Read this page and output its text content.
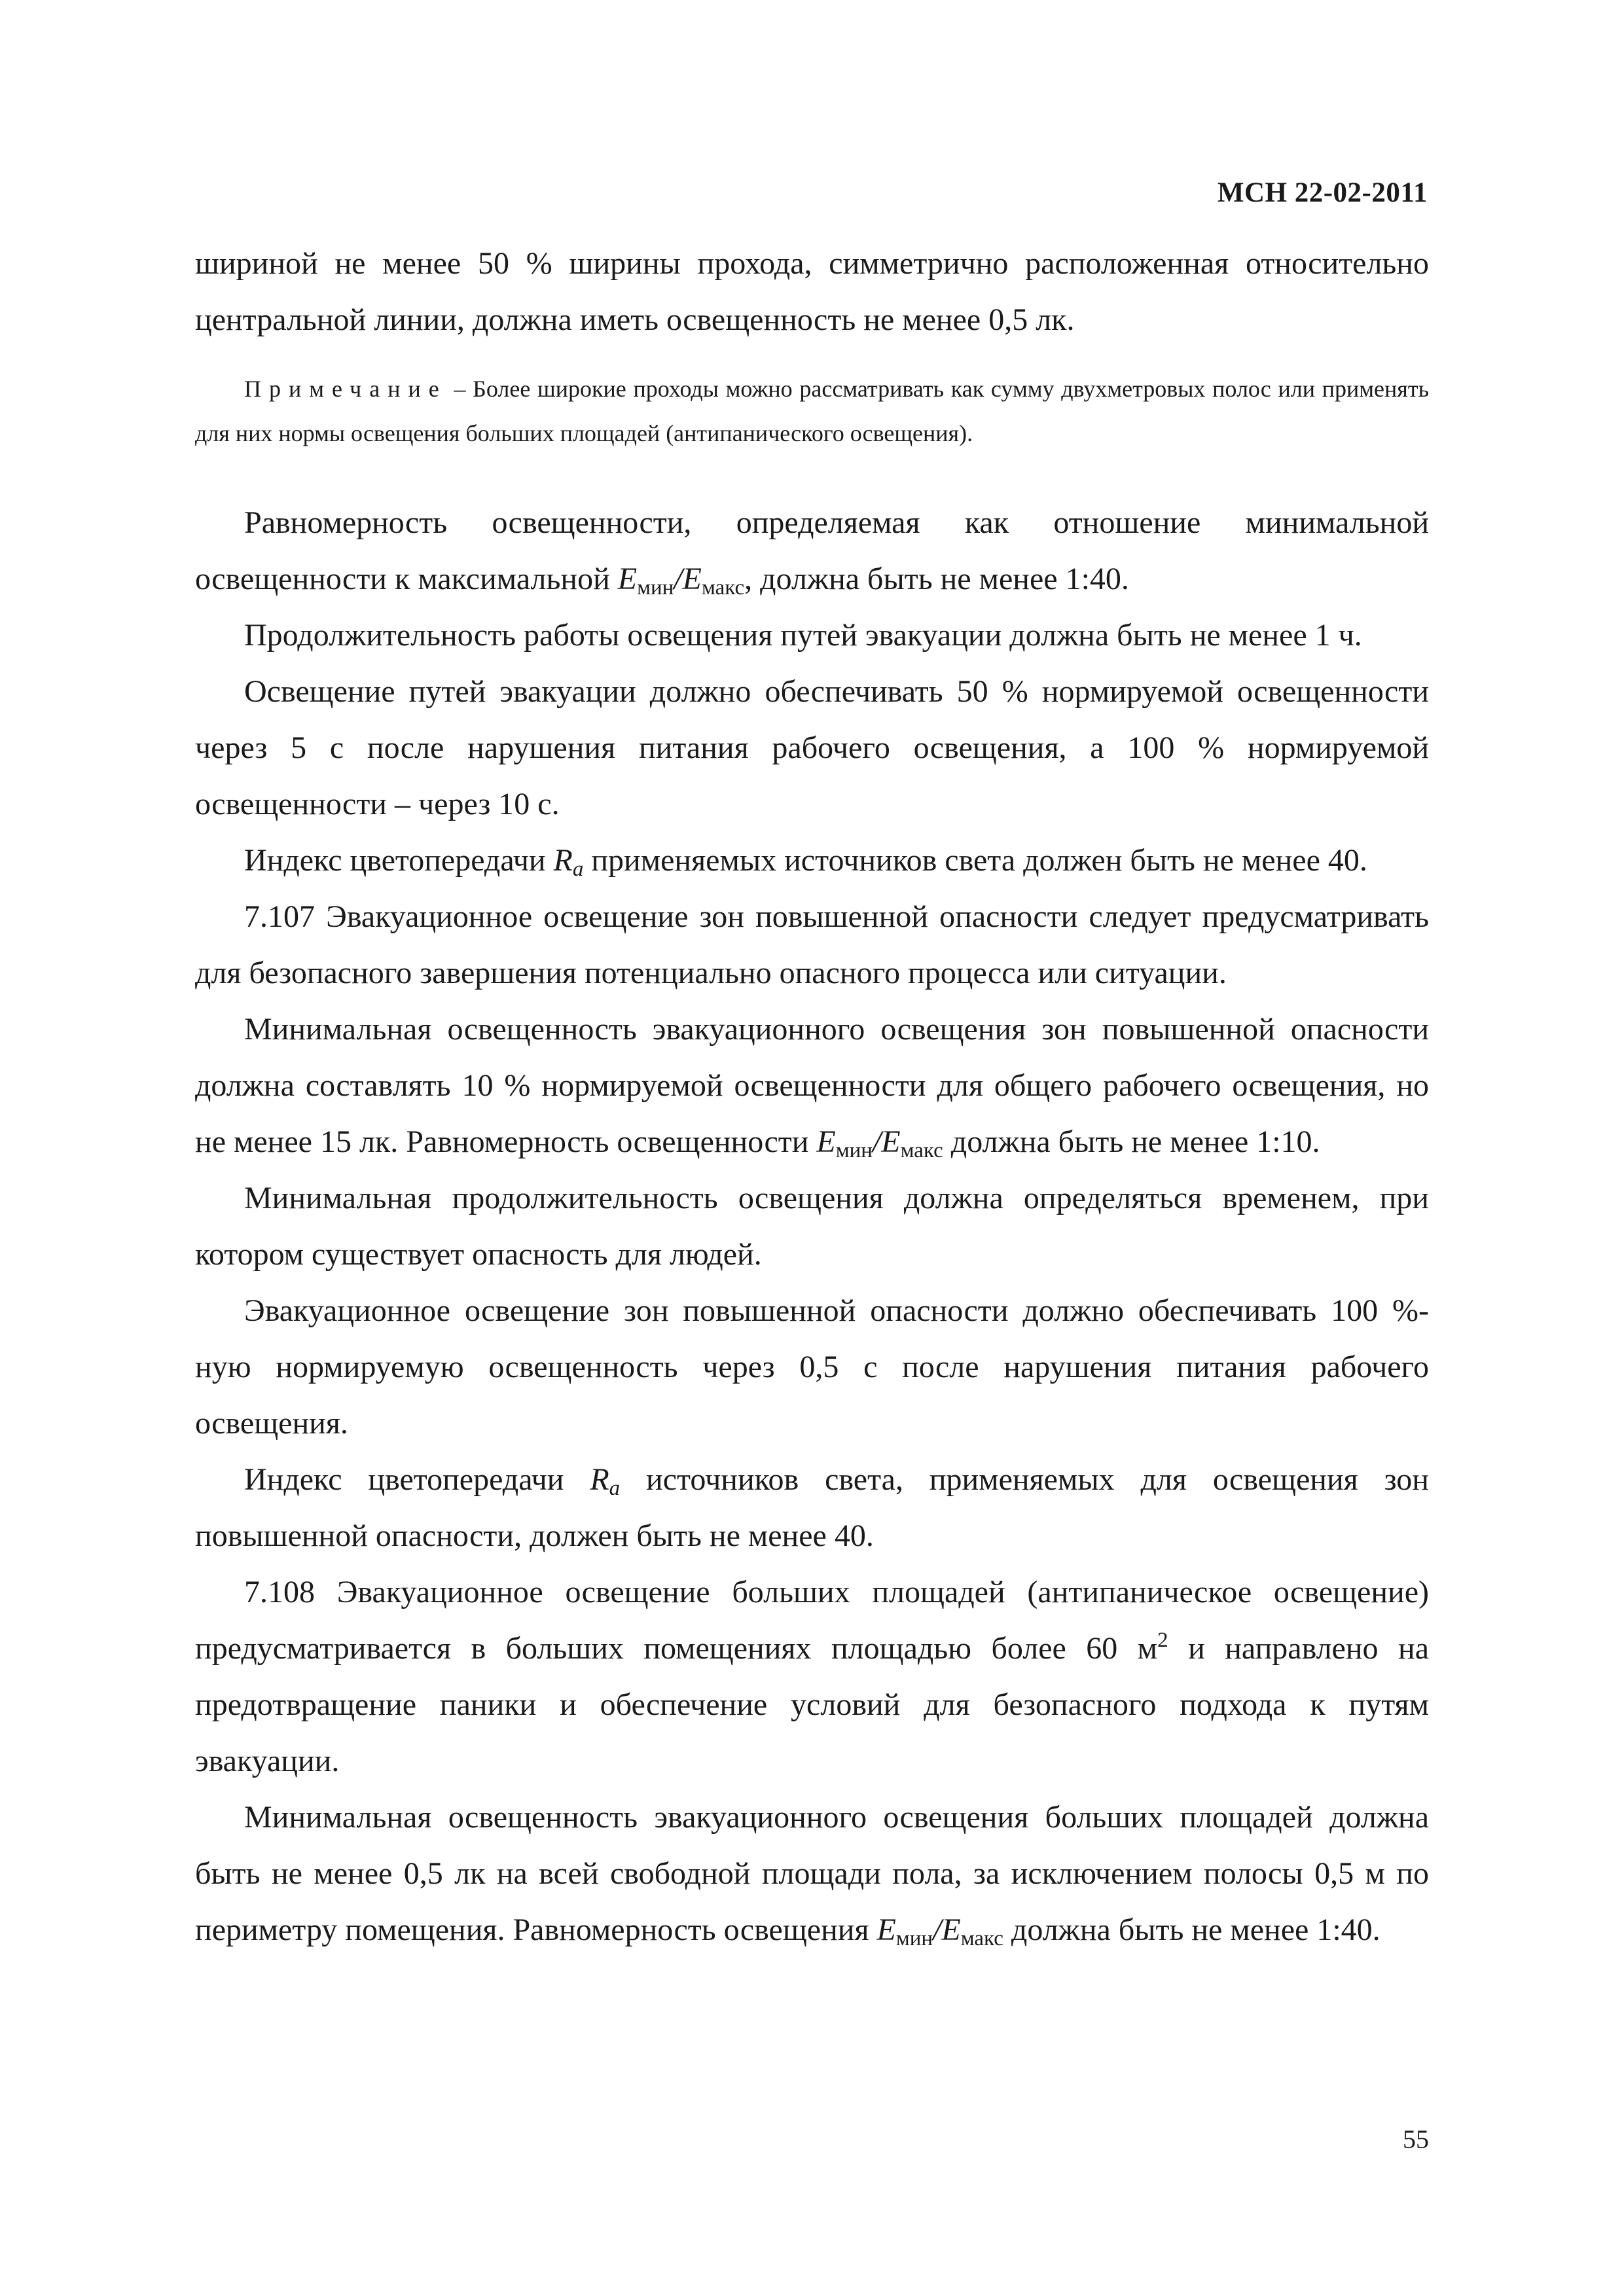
МСН 22-02-2011

шириной не менее 50 % ширины прохода, симметрично расположенная относительно центральной линии, должна иметь освещенность не менее 0,5 лк.

Примечание – Более широкие проходы можно рассматривать как сумму двухметровых полос или применять для них нормы освещения больших площадей (антипанического освещения).

Равномерность освещенности, определяемая как отношение минимальной освещенности к максимальной $E_{мин}/E_{макс}$, должна быть не менее 1:40.

Продолжительность работы освещения путей эвакуации должна быть не менее 1 ч.

Освещение путей эвакуации должно обеспечивать 50 % нормируемой освещенности через 5 с после нарушения питания рабочего освещения, а 100 % нормируемой освещенности – через 10 с.

Индекс цветопередачи $R_a$ применяемых источников света должен быть не менее 40.

7.107 Эвакуационное освещение зон повышенной опасности следует предусматривать для безопасного завершения потенциально опасного процесса или ситуации.

Минимальная освещенность эвакуационного освещения зон повышенной опасности должна составлять 10 % нормируемой освещенности для общего рабочего освещения, но не менее 15 лк. Равномерность освещенности $E_{мин}/E_{макс}$ должна быть не менее 1:10.

Минимальная продолжительность освещения должна определяться временем, при котором существует опасность для людей.

Эвакуационное освещение зон повышенной опасности должно обеспечивать 100 %-ную нормируемую освещенность через 0,5 с после нарушения питания рабочего освещения.

Индекс цветопередачи $R_a$ источников света, применяемых для освещения зон повышенной опасности, должен быть не менее 40.

7.108 Эвакуационное освещение больших площадей (антипаническое освещение) предусматривается в больших помещениях площадью более 60 $м^2$ и направлено на предотвращение паники и обеспечение условий для безопасного подхода к путям эвакуации.

Минимальная освещенность эвакуационного освещения больших площадей должна быть не менее 0,5 лк на всей свободной площади пола, за исключением полосы 0,5 м по периметру помещения. Равномерность освещения $E_{мин}/E_{макс}$ должна быть не менее 1:40.

55
